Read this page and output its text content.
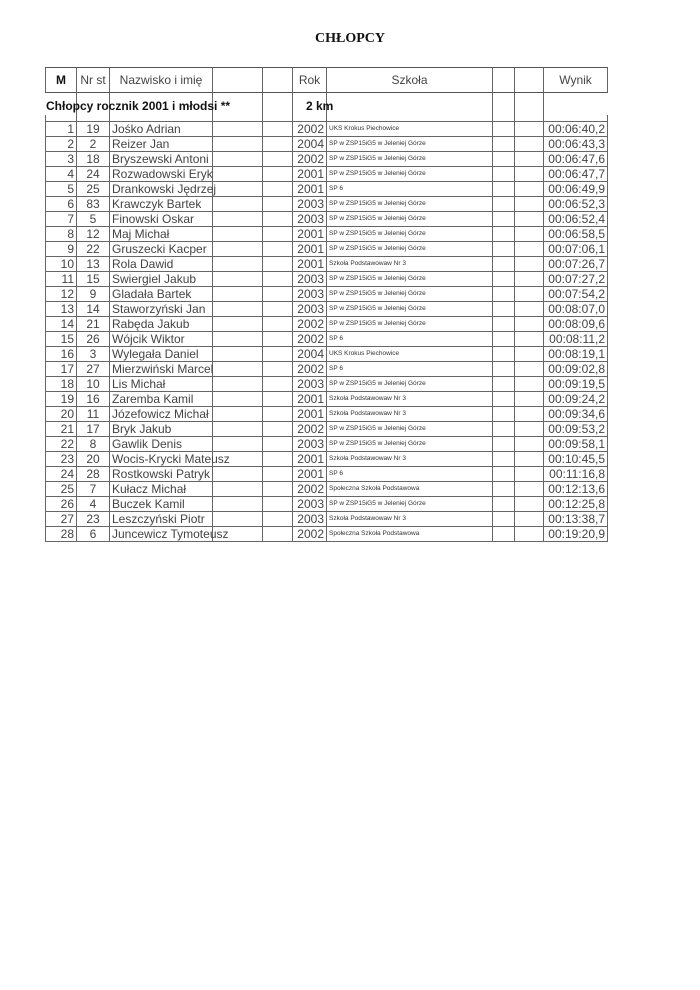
CHŁOPCY
M	Nr st	Nazwisko i imię			Rok	Szkoła			Wynik

1	19	Jośko Adrian			2002	UKS Krokus Piechowice			00:06:40,2
2	2	Reizer Jan			2004	SP w ZSP15iG5 w Jeleniej Górze			00:06:43,3
3	18	Bryszewski Antoni			2002	SP w ZSP15iG5 w Jeleniej Górze			00:06:47,6
4	24	Rozwadowski Eryk			2001	SP w ZSP15iG5 w Jeleniej Górze			00:06:47,7
5	25	Drankowski Jędrzej			2001	SP 6			00:06:49,9
6	83	Krawczyk Bartek			2003	SP w ZSP15iG5 w Jeleniej Górze			00:06:52,3
7	5	Finowski Oskar			2003	SP w ZSP15iG5 w Jeleniej Górze			00:06:52,4
8	12	Maj Michał			2001	SP w ZSP15iG5 w Jeleniej Górze			00:06:58,5
9	22	Gruszecki Kacper			2001	SP w ZSP15iG5 w Jeleniej Górze			00:07:06,1
10	13	Rola Dawid			2001	Szkoła Podstawowaw Nr 3			00:07:26,7
11	15	Swiergiel Jakub			2003	SP w ZSP15iG5 w Jeleniej Górze			00:07:27,2
12	9	Gladała Bartek			2003	SP w ZSP15iG5 w Jeleniej Górze			00:07:54,2
13	14	Staworzyński Jan			2003	SP w ZSP15iG5 w Jeleniej Górze			00:08:07,0
14	21	Rabęda Jakub			2002	SP w ZSP15iG5 w Jeleniej Górze			00:08:09,6
15	26	Wójcik Wiktor			2002	SP 6			00:08:11,2
16	3	Wylegała Daniel			2004	UKS Krokus Piechowice			00:08:19,1
17	27	Mierzwiński Marcel			2002	SP 6			00:09:02,8
18	10	Lis Michał			2003	SP w ZSP15iG5 w Jeleniej Górze			00:09:19,5
19	16	Zaremba Kamil			2001	Szkoła Podstawowaw Nr 3			00:09:24,2
20	11	Józefowicz Michał			2001	Szkoła Podstawowaw Nr 3			00:09:34,6
21	17	Bryk Jakub			2002	SP w ZSP15iG5 w Jeleniej Górze			00:09:53,2
22	8	Gawlik Denis			2003	SP w ZSP15iG5 w Jeleniej Górze			00:09:58,1
23	20	Wocis-Krycki Mateusz			2001	Szkoła Podstawowaw Nr 3			00:10:45,5
24	28	Rostkowski Patryk			2001	SP 6			00:11:16,8
25	7	Kułacz Michał			2002	Społeczna Szkoła Podstawowa			00:12:13,6
26	4	Buczek Kamil			2003	SP w ZSP15iG5 w Jeleniej Górze			00:12:25,8
27	23	Leszczyński Piotr			2003	Szkoła Podstawowaw Nr 3			00:13:38,7
28	6	Juncewicz Tymoteusz			2002	Społeczna Szkoła Podstawowa			00:19:20,9
Chłopcy rocznik 2001 i młodsi **	2 km
